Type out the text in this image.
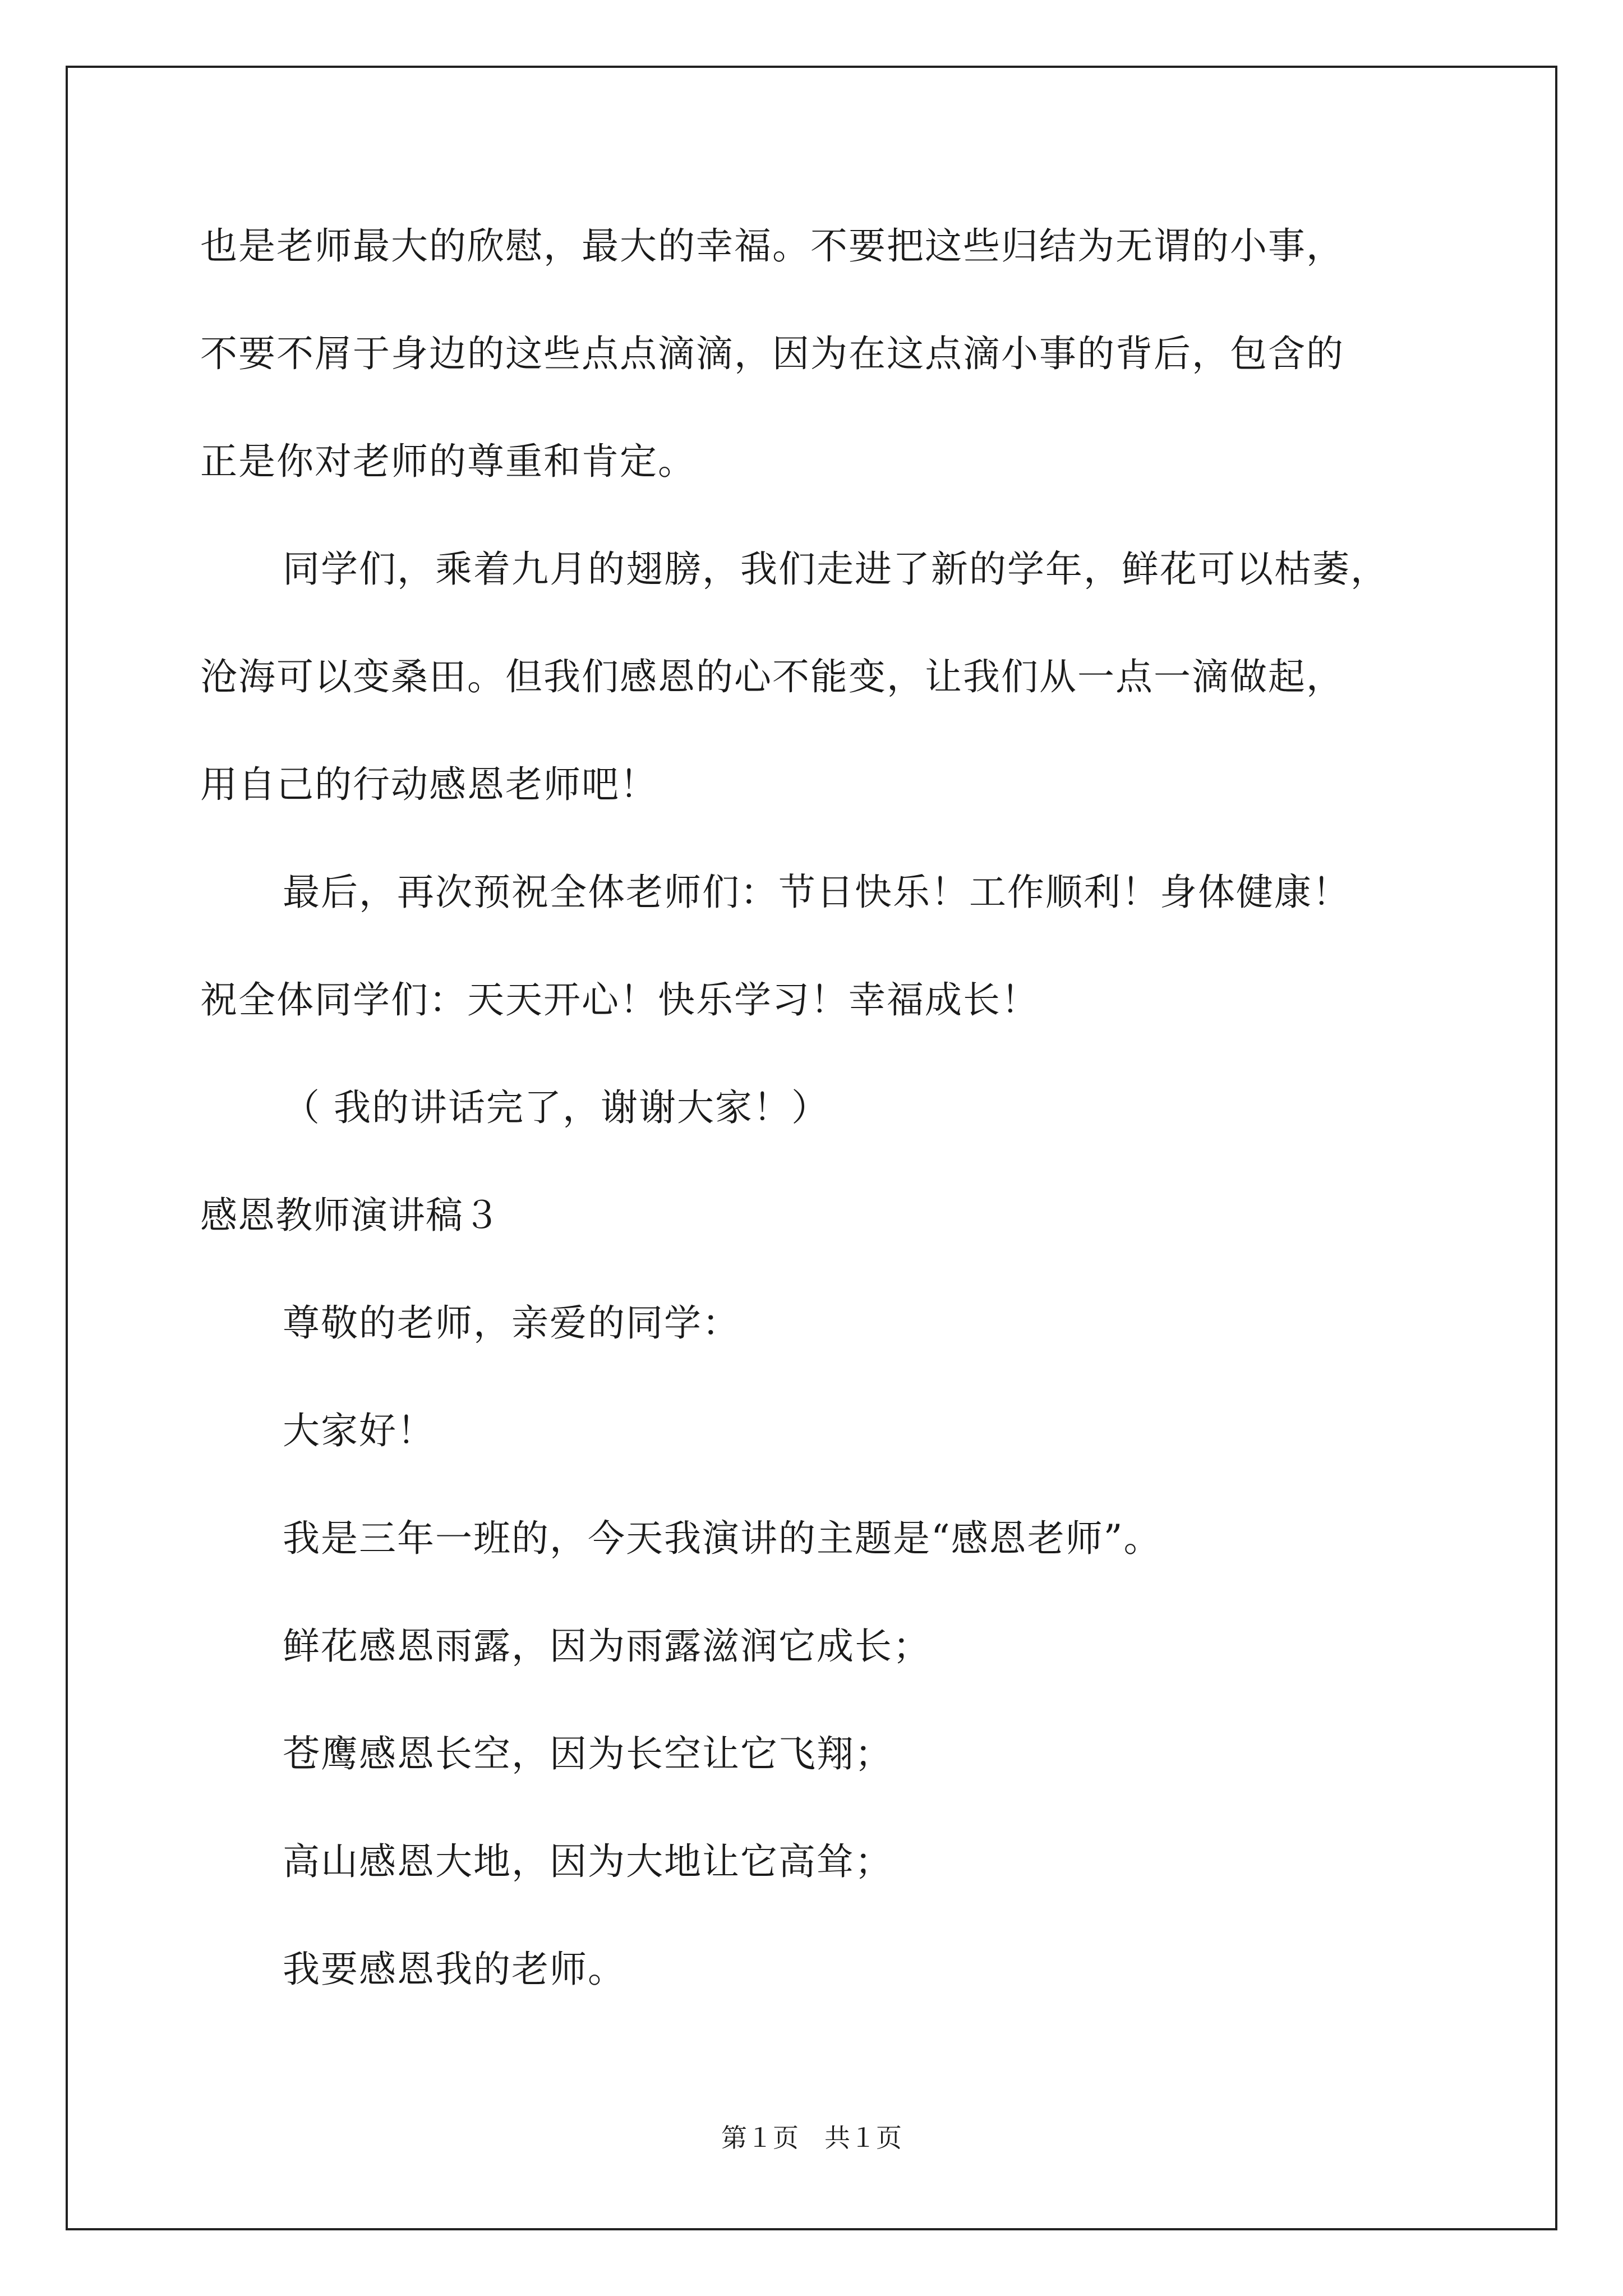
也是老师最大的欣慰，最大的幸福。不要把这些归结为无谓的小事，
不要不屑于身边的这些点点滴滴，因为在这点滴小事的背后，包含的
正是你对老师的尊重和肯定。
同学们，乘着九月的翅膀，我们走进了新的学年，鲜花可以枯萎，
沧海可以变桑田。但我们感恩的心不能变，让我们从一点一滴做起，
用自己的行动感恩老师吧！
最后，再次预祝全体老师们：节日快乐！工作顺利！身体健康！
祝全体同学们：天天开心！快乐学习！幸福成长！
（ 我的讲话完了，谢谢大家！）
感恩教师演讲稿３
尊敬的老师，亲爱的同学：
大家好！
我是三年一班的，今天我演讲的主题是“感恩老师”。
鲜花感恩雨露，因为雨露滋润它成长；
苍鹰感恩长空，因为长空让它飞翔；
高山感恩大地，因为大地让它高耸；
我要感恩我的老师。
第１页　共１页
